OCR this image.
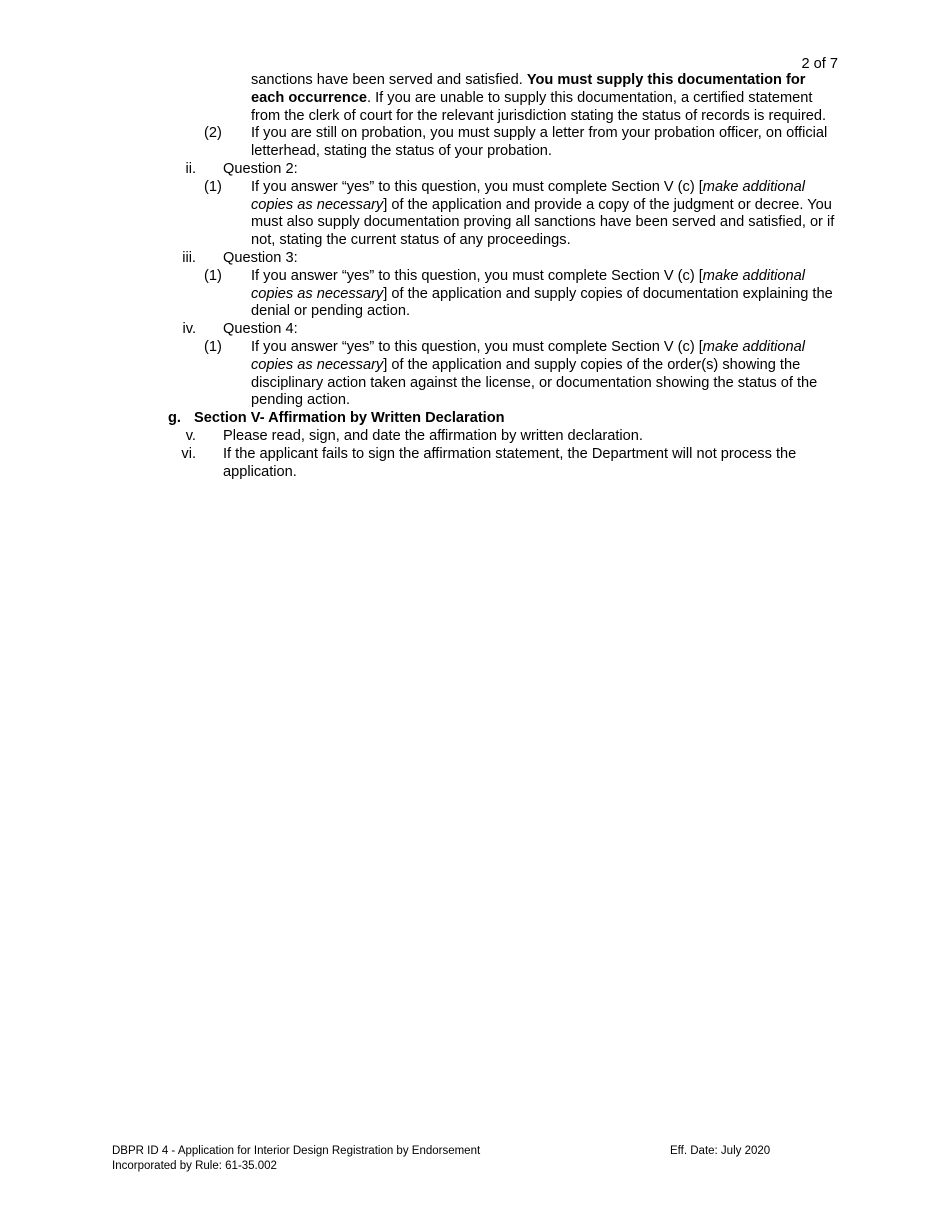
2 of 7
sanctions have been served and satisfied. You must supply this documentation for each occurrence. If you are unable to supply this documentation, a certified statement from the clerk of court for the relevant jurisdiction stating the status of records is required.
(2) If you are still on probation, you must supply a letter from your probation officer, on official letterhead, stating the status of your probation.
ii. Question 2:
(1) If you answer “yes” to this question, you must complete Section V (c) [make additional copies as necessary] of the application and provide a copy of the judgment or decree. You must also supply documentation proving all sanctions have been served and satisfied, or if not, stating the current status of any proceedings.
iii. Question 3:
(1) If you answer “yes” to this question, you must complete Section V (c) [make additional copies as necessary] of the application and supply copies of documentation explaining the denial or pending action.
iv. Question 4:
(1) If you answer “yes” to this question, you must complete Section V (c) [make additional copies as necessary] of the application and supply copies of the order(s) showing the disciplinary action taken against the license, or documentation showing the status of the pending action.
g. Section V- Affirmation by Written Declaration
v. Please read, sign, and date the affirmation by written declaration.
vi. If the applicant fails to sign the affirmation statement, the Department will not process the application.
DBPR ID 4 - Application for Interior Design Registration by Endorsement	Eff. Date: July 2020
Incorporated by Rule: 61-35.002
